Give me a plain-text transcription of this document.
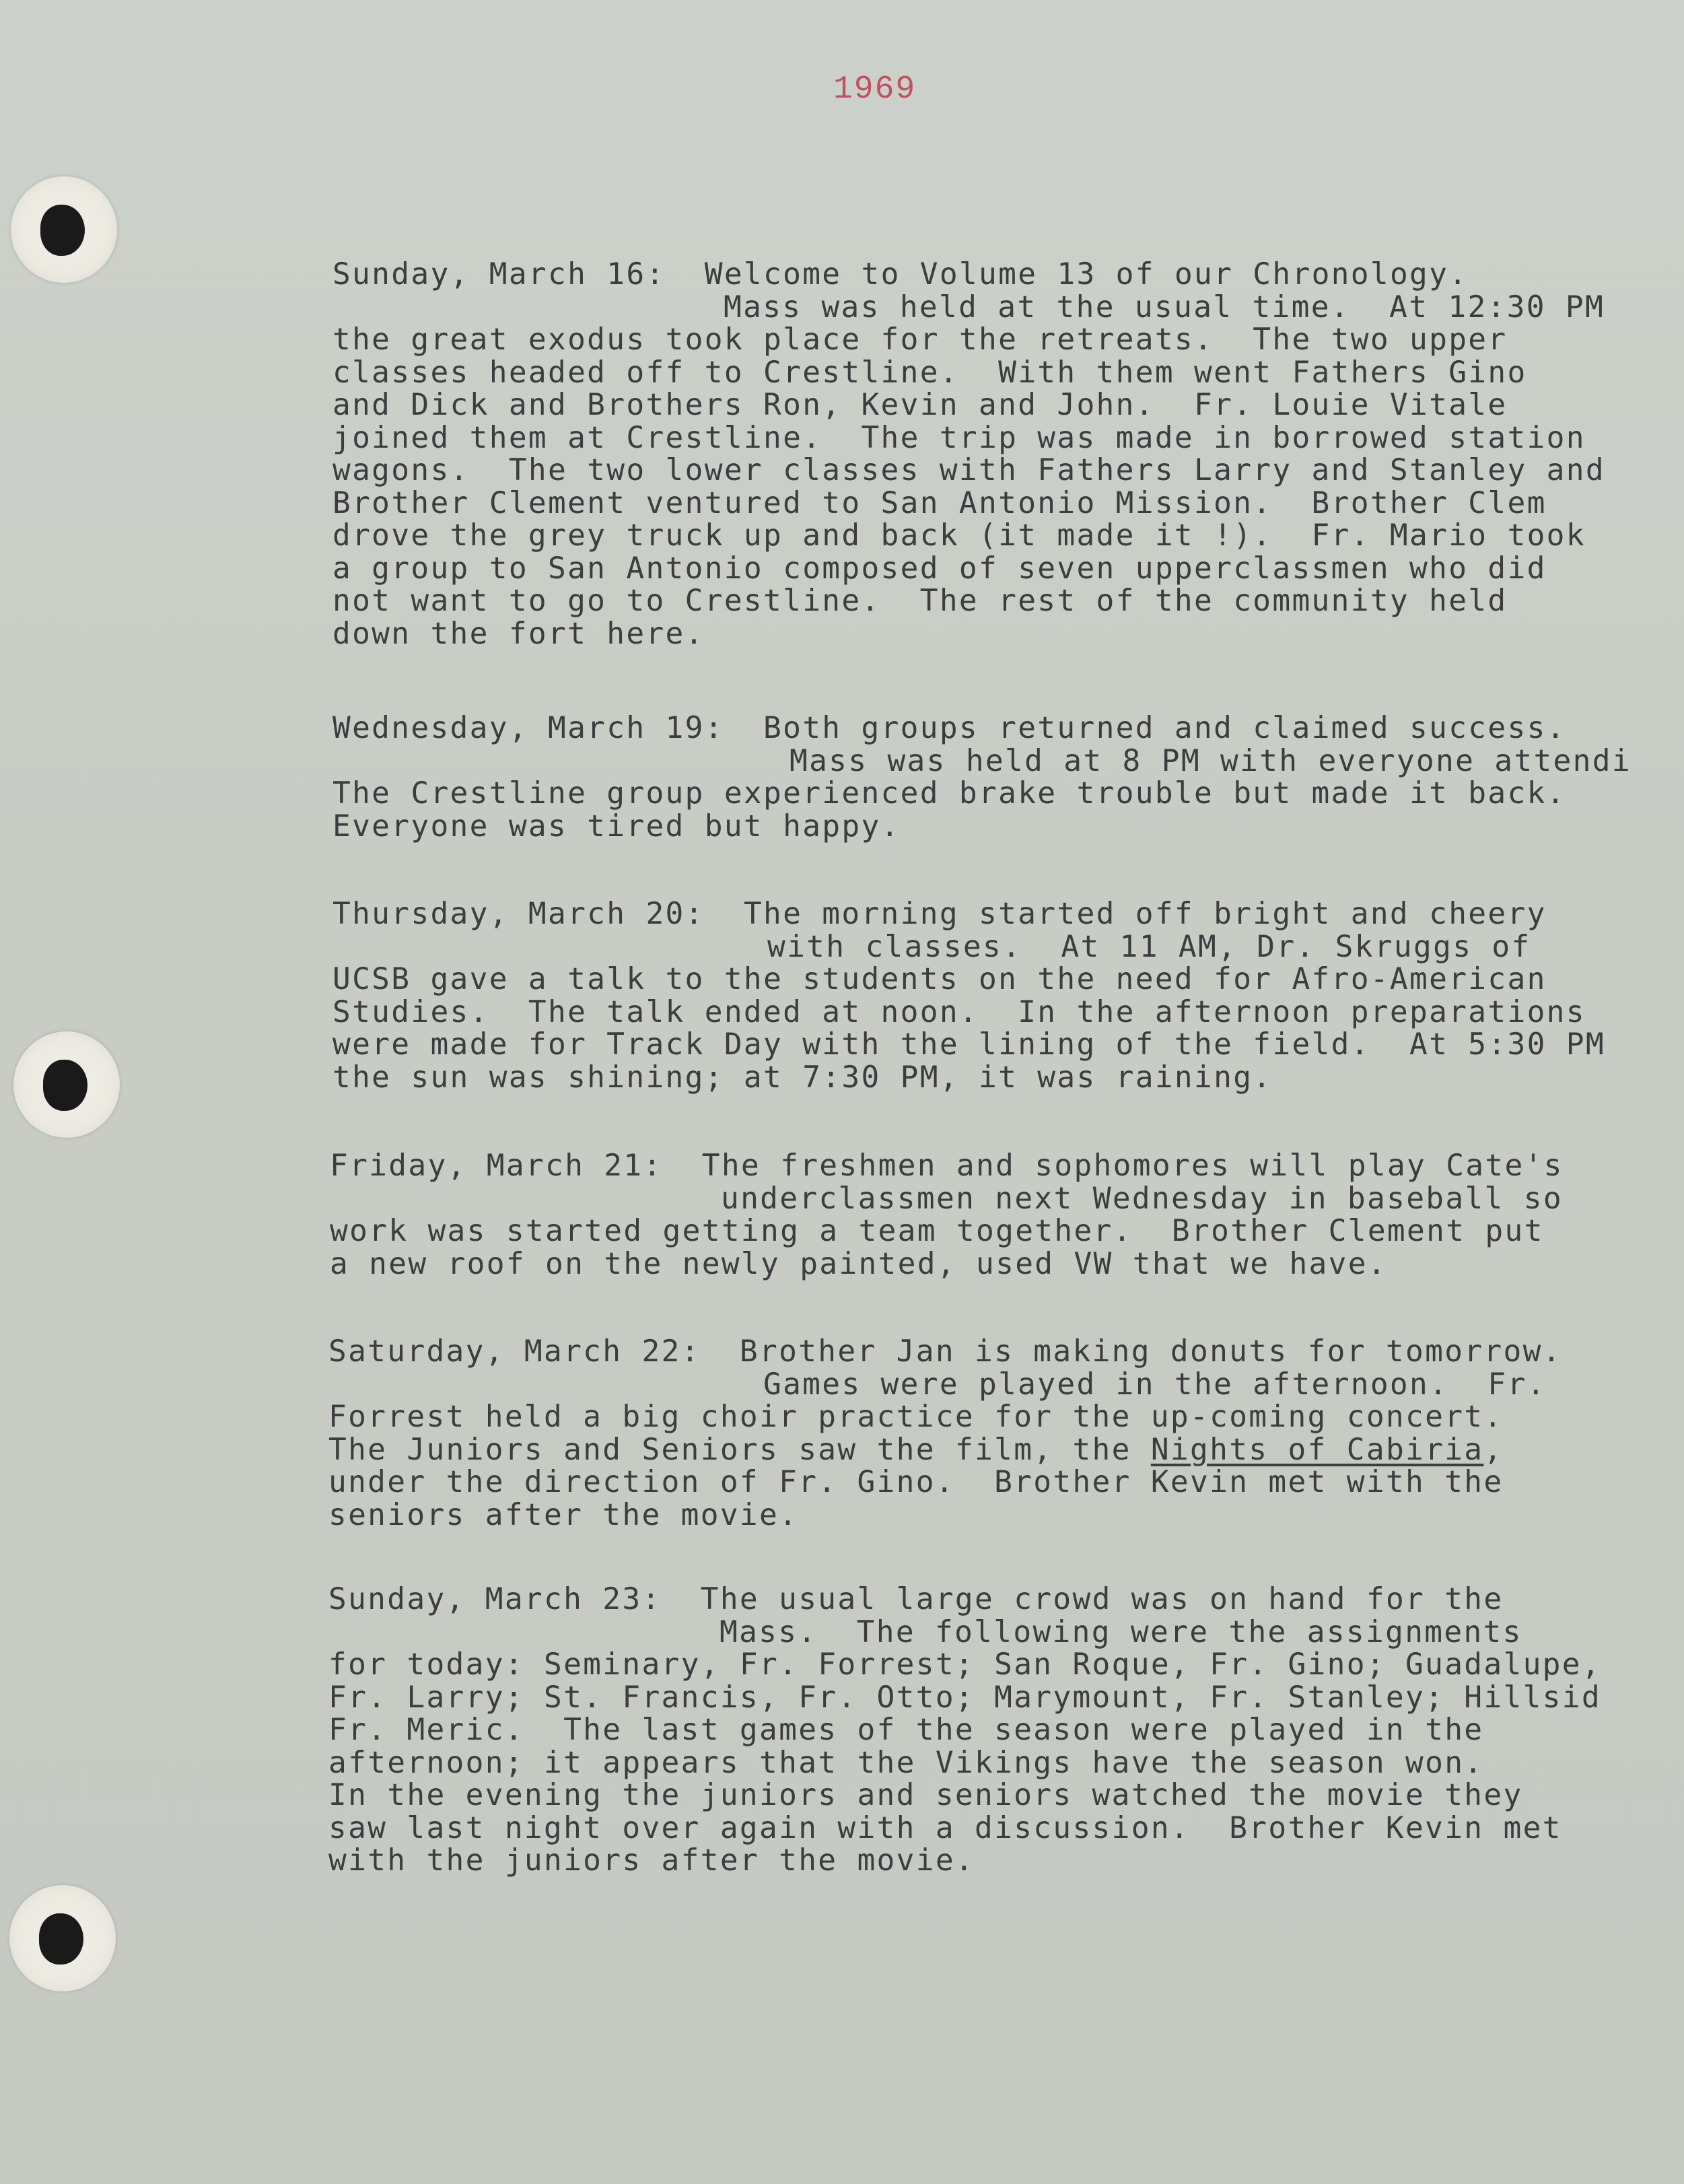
1969
Sunday, March 16: Welcome to Volume 13 of our Chronology.
Mass was held at the usual time.  At 12:30 PM
the great exodus took place for the retreats.  The two upper
classes headed off to Crestline.  With them went Fathers Gino
and Dick and Brothers Ron, Kevin and John.  Fr. Louie Vitale
joined them at Crestline.  The trip was made in borrowed station
wagons.  The two lower classes with Fathers Larry and Stanley and
Brother Clement ventured to San Antonio Mission.  Brother Clem
drove the grey truck up and back (it made it !).  Fr. Mario took
a group to San Antonio composed of seven upperclassmen who did
not want to go to Crestline.  The rest of the community held
down the fort here.
Wednesday, March 19: Both groups returned and claimed success.
Mass was held at 8 PM with everyone attendi
The Crestline group experienced brake trouble but made it back.
Everyone was tired but happy.
Thursday, March 20: The morning started off bright and cheery
with classes.  At 11 AM, Dr. Skruggs of
UCSB gave a talk to the students on the need for Afro-American
Studies.  The talk ended at noon.  In the afternoon preparations
were made for Track Day with the lining of the field.  At 5:30 PM
the sun was shining; at 7:30 PM, it was raining.
Friday, March 21: The freshmen and sophomores will play Cate's
underclassmen next Wednesday in baseball so
work was started getting a team together.  Brother Clement put
a new roof on the newly painted, used VW that we have.
Saturday, March 22: Brother Jan is making donuts for tomorrow.
Games were played in the afternoon.  Fr.
Forrest held a big choir practice for the up-coming concert.
The Juniors and Seniors saw the film, the Nights of Cabiria,
under the direction of Fr. Gino.  Brother Kevin met with the
seniors after the movie.
Sunday, March 23: The usual large crowd was on hand for the
Mass.  The following were the assignments
for today: Seminary, Fr. Forrest; San Roque, Fr. Gino; Guadalupe,
Fr. Larry; St. Francis, Fr. Otto; Marymount, Fr. Stanley; Hillsid
Fr. Meric.  The last games of the season were played in the
afternoon; it appears that the Vikings have the season won.
In the evening the juniors and seniors watched the movie they
saw last night over again with a discussion.  Brother Kevin met
with the juniors after the movie.
